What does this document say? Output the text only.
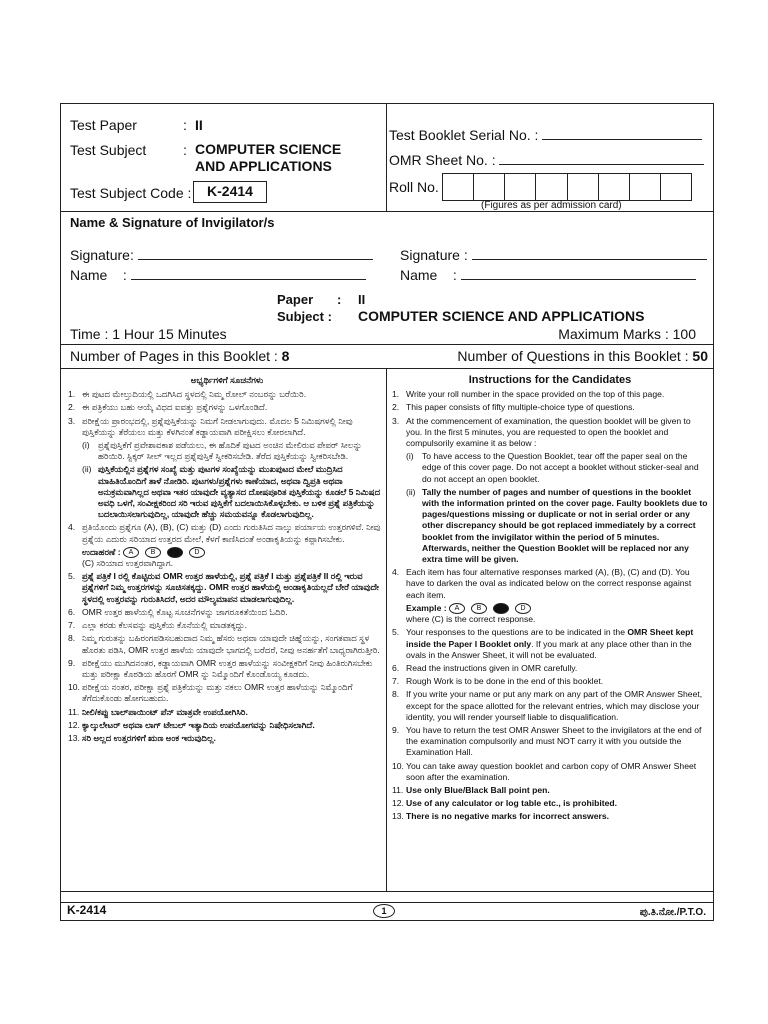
Test Paper	: II
Test Subject	: COMPUTER SCIENCE
AND APPLICATIONS
Test Subject Code :	K-2414
Test Booklet Serial No. :
OMR Sheet No. :
Roll No.
(Figures as per admission card)
Name & Signature of Invigilator/s
Signature:
Name    :
Signature :
Name    :
Paper : II
Subject : COMPUTER SCIENCE AND APPLICATIONS
Time : 1 Hour 15 Minutes	Maximum Marks : 100
Number of Pages in this Booklet : 8	Number of Questions in this Booklet : 50
ಅಭ್ಯರ್ಥಿಗಳಿಗೆ ಸೂಚನೆಗಳು
1. ಈ ಪುಟದ ಮೇಲ್ತುದಿಯಲ್ಲಿ ಒದಗಿಸಿದ ಸ್ಥಳದಲ್ಲಿ ನಿಮ್ಮ ರೋಲ್ ನಂಬರನ್ನು ಬರೆಯಿರಿ.
2. ಈ ಪತ್ರಿಕೆಯು ಬಹು ಆಯ್ಕೆ ವಿಧದ ಐವತ್ತು ಪ್ರಶ್ನೆಗಳನ್ನು ಒಳಗೊಂಡಿದೆ.
3. ಪರೀಕ್ಷೆಯ ಪ್ರಾರಂಭದಲ್ಲಿ, ಪ್ರಶ್ನೆಪುಸ್ತಿಕೆಯನ್ನು ನಿಮಗೆ ನೀಡಲಾಗುವುದು. ಮೊದಲ 5 ನಿಮಿಷಗಳಲ್ಲಿ ನೀವು ಪುಸ್ತಿಕೆಯನ್ನು ತೆರೆಯಲು ಮತ್ತು ಕೆಳಗಿನಂತೆ ಕಡ್ಡಾಯವಾಗಿ ಪರೀಕ್ಷಿಸಲು ಕೋರಲಾಗಿದೆ.
(i) ಪ್ರಶ್ನೆಪುಸ್ತಿಕೆಗೆ ಪ್ರವೇಶಾವಕಾಶ ಪಡೆಯಲು, ಈ ಹೊದಿಕೆ ಪುಟದ ಅಂಚಿನ ಮೇಲಿರುವ ಪೇಪರ್ ಸೀಲನ್ನು ಹರಿಯಿರಿ. ಸ್ಟಿಕ್ಕರ್ ಸೀಲ್ ಇಲ್ಲದ ಪ್ರಶ್ನೆಪುಸ್ತಿಕೆ ಸ್ವೀಕರಿಸಬೇಡಿ. ತೆರೆದ ಪುಸ್ತಿಕೆಯನ್ನು ಸ್ವೀಕರಿಸಬೇಡಿ.
(ii) ಪುಸ್ತಿಕೆಯಲ್ಲಿನ ಪ್ರಶ್ನೆಗಳ ಸಂಖ್ಯೆ ಮತ್ತು ಪುಟಗಳ ಸಂಖ್ಯೆಯನ್ನು ಮುಖಪುಟದ ಮೇಲೆ ಮುದ್ರಿಸಿದ ಮಾಹಿತಿಯೊಂದಿಗೆ ತಾಳೆ ನೋಡಿರಿ. ಪುಟಗಳು/ಪ್ರಶ್ನೆಗಳು ಕಾಣೆಯಾದ, ಅಥವಾ ದ್ವಿಪ್ರತಿ ಅಥವಾ ಅನುಕ್ರಮವಾಗಿಲ್ಲದ ಅಥವಾ ಇತರ ಯಾವುದೇ ವ್ಯತ್ಯಾಸದ ದೋಷಪೂರಿತ ಪುಸ್ತಿಕೆಯನ್ನು ಕೂಡಲೆ 5 ನಿಮಿಷದ ಅವಧಿ ಒಳಗೆ, ಸಂವೀಕ್ಷಕರಿಂದ ಸರಿ ಇರುವ ಪುಸ್ತಿಕೆಗೆ ಬದಲಾಯಿಸಿಕೊಳ್ಳಬೇಕು. ಆ ಬಳಿಕ ಪ್ರಶ್ನೆ ಪತ್ರಿಕೆಯನ್ನು ಬದಲಾಯಿಸಲಾಗುವುದಿಲ್ಲ, ಯಾವುದೇ ಹೆಚ್ಚು ಸಮಯವನ್ನೂ ಕೊಡಲಾಗುವುದಿಲ್ಲ.
4. ಪ್ರತಿಯೊಂದು ಪ್ರಶ್ನೆಗೂ (A), (B), (C) ಮತ್ತು (D) ಎಂದು ಗುರುತಿಸಿದ ನಾಲ್ಕು ಪರ್ಯಾಯ ಉತ್ತರಗಳಿವೆ. ನೀವು ಪ್ರಶ್ನೆಯ ಎದುರು ಸರಿಯಾದ ಉತ್ತರದ ಮೇಲೆ, ಕೆಳಗೆ ಕಾಣಿಸಿದಂತೆ ಅಂಡಾಕೃತಿಯನ್ನು ಕಪ್ಪಾಗಿಸಬೇಕು.
ಉದಾಹರಣೆ : A	B	D
(C) ಸರಿಯಾದ ಉತ್ತರವಾಗಿದ್ದಾಗ.
5. ಪ್ರಶ್ನೆ ಪತ್ರಿಕೆ I ರಲ್ಲಿ ಕೊಟ್ಟಿರುವ OMR ಉತ್ತರ ಹಾಳೆಯಲ್ಲಿ, ಪ್ರಶ್ನೆ ಪತ್ರಿಕೆ I ಮತ್ತು ಪ್ರಶ್ನೆಪತ್ರಿಕೆ II ರಲ್ಲಿ ಇರುವ ಪ್ರಶ್ನೆಗಳಿಗೆ ನಿಮ್ಮ ಉತ್ತರಗಳನ್ನು ಸೂಚಿಸತಕ್ಕದ್ದು. OMR ಉತ್ತರ ಹಾಳೆಯಲ್ಲಿ ಅಂಡಾಕೃತಿಯಲ್ಲದೆ ಬೇರೆ ಯಾವುದೇ ಸ್ಥಳದಲ್ಲಿ ಉತ್ತರವನ್ನು ಗುರುತಿಸಿದರೆ, ಅದರ ಮೌಲ್ಯಮಾಪನ ಮಾಡಲಾಗುವುದಿಲ್ಲ.
6. OMR ಉತ್ತರ ಹಾಳೆಯಲ್ಲಿ ಕೊಟ್ಟ ಸೂಚನೆಗಳನ್ನು ಜಾಗರೂಕತೆಯಿಂದ ಓದಿರಿ.
7. ಎಲ್ಲಾ ಕರಡು ಕೆಲಸವನ್ನು ಪುಸ್ತಿಕೆಯ ಕೊನೆಯಲ್ಲಿ ಮಾಡತಕ್ಕದ್ದು.
8. ನಿಮ್ಮ ಗುರುತನ್ನು ಬಹಿರಂಗಪಡಿಸಬಹುದಾದ ನಿಮ್ಮ ಹೆಸರು ಅಥವಾ ಯಾವುದೇ ಚಿಹ್ನೆಯನ್ನು, ಸಂಗತವಾದ ಸ್ಥಳ ಹೊರತು ಪಡಿಸಿ, OMR ಉತ್ತರ ಹಾಳೆಯ ಯಾವುದೇ ಭಾಗದಲ್ಲಿ ಬರೆದರೆ, ನೀವು ಅನರ್ಹತೆಗೆ ಬಾಧ್ಯರಾಗಿರುತ್ತೀರಿ.
9. ಪರೀಕ್ಷೆಯು ಮುಗಿದನಂತರ, ಕಡ್ಡಾಯವಾಗಿ OMR ಉತ್ತರ ಹಾಳೆಯನ್ನು ಸಂವೀಕ್ಷಕರಿಗೆ ನೀವು ಹಿಂತಿರುಗಿಸಬೇಕು ಮತ್ತು ಪರೀಕ್ಷಾ ಕೊಠಡಿಯ ಹೊರಗೆ OMR ನ್ನು ನಿಮ್ಮೊಂದಿಗೆ ಕೊಂಡೊಯ್ಯ ಕೂಡದು.
10. ಪರೀಕ್ಷೆಯ ನಂತರ, ಪರೀಕ್ಷಾ ಪ್ರಶ್ನೆ ಪತ್ರಿಕೆಯನ್ನು ಮತ್ತು ನಕಲು OMR ಉತ್ತರ ಹಾಳೆಯನ್ನು ನಿಮ್ಮೊಂದಿಗೆ ತೆಗೆದುಕೊಂಡು ಹೋಗಬಹುದು.
11. ನೀಲಿ/ಕಪ್ಪು ಬಾಲ್‌ಪಾಯಿಂಟ್ ಪೆನ್ ಮಾತ್ರವೇ ಉಪಯೋಗಿಸಿರಿ.
12. ಕ್ಯಾಲ್ಕುಲೇಟರ್ ಅಥವಾ ಲಾಗ್ ಟೇಬಲ್ ಇತ್ಯಾದಿಯ ಉಪಯೋಗವನ್ನು ನಿಷೇಧಿಸಲಾಗಿದೆ.
13. ಸರಿ ಅಲ್ಲದ ಉತ್ತರಗಳಿಗೆ ಋಣ ಅಂಕ ಇರುವುದಿಲ್ಲ.
Instructions for the Candidates
1. Write your roll number in the space provided on the top of this page.
2. This paper consists of fifty multiple-choice type of questions.
3. At the commencement of examination, the question booklet will be given to you. In the first 5 minutes, you are requested to open the booklet and compulsorily examine it as below :
(i) To have access to the Question Booklet, tear off the paper seal on the edge of this cover page. Do not accept a booklet without sticker-seal and do not accept an open booklet.
(ii) Tally the number of pages and number of questions in the booklet with the information printed on the cover page. Faulty booklets due to pages/questions missing or duplicate or not in serial order or any other discrepancy should be got replaced immediately by a correct booklet from the invigilator within the period of 5 minutes. Afterwards, neither the Question Booklet will be replaced nor any extra time will be given.
4. Each item has four alternative responses marked (A), (B), (C) and (D). You have to darken the oval as indicated below on the correct response against each item.
Example : A	B	D
where (C) is the correct response.
5. Your responses to the questions are to be indicated in the OMR Sheet kept inside the Paper I Booklet only. If you mark at any place other than in the ovals in the Answer Sheet, it will not be evaluated.
6. Read the instructions given in OMR carefully.
7. Rough Work is to be done in the end of this booklet.
8. If you write your name or put any mark on any part of the OMR Answer Sheet, except for the space allotted for the relevant entries, which may disclose your identity, you will render yourself liable to disqualification.
9. You have to return the test OMR Answer Sheet to the invigilators at the end of the examination compulsorily and must NOT carry it with you outside the Examination Hall.
10. You can take away question booklet and carbon copy of OMR Answer Sheet soon after the examination.
11. Use only Blue/Black Ball point pen.
12. Use of any calculator or log table etc., is prohibited.
13. There is no negative marks for incorrect answers.
K-2414	1	ಪು.ತಿ.ನೋ./P.T.O.
